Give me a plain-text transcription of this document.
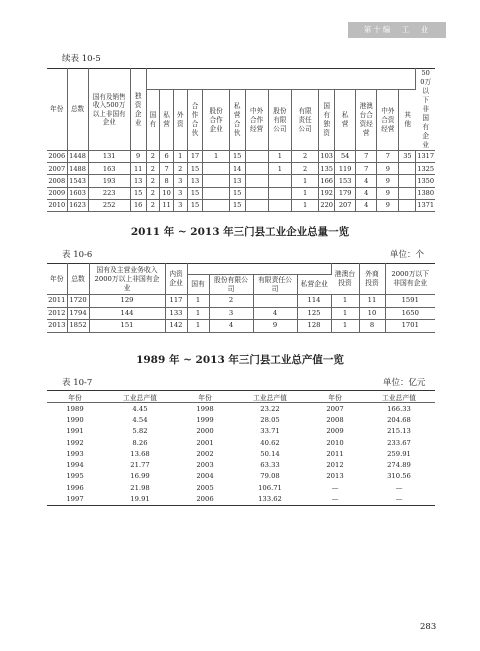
第十编　工　业
续表 10-5
年份	总数	国有及销售收入500万以上非国有企业	独资企业															500万以下非国有企业

				国有	私营	外资	合作合伙	股份合作企业	私营合伙	中外合作经营	股份有限公司	有限责任公司	国有独资	私营	港澳台合资经营	中外合资经营	其他	

2006	1448	131	9	2	6	1	17	1	15		1	2	103	54	7	7	35	1317
2007	1488	163	11	2	7	2	15		14		1	2	135	119	7	9		1325
2008	1543	193	13	2	8	3	13		13			1	166	153	4	9		1350
2009	1603	223	15	2	10	3	15		15			1	192	179	4	9		1380
2010	1623	252	16	2	11	3	15		15			1	220	207	4	9		1371
2011 年 ~ 2013 年三门县工业企业总量一览
表 10-6	单位：个
年份	总数	国有及主营业务收入2000万以上非国有企业	内资企业					港澳台投资	外商投资	2000万以下非国有企业
				国有	股份有限公司	有限责任公司	私营企业			
2011	1720	129	117	1	2		114	1	11	1591
2012	1794	144	133	1	3	4	125	1	10	1650
2013	1852	151	142	1	4	9	128	1	8	1701
1989 年 ~ 2013 年三门县工业总产值一览
表 10-7	单位：亿元
年份	工业总产值	年份	工业总产值	年份	工业总产值
1989	4.45	1998	23.22	2007	166.33
1990	4.54	1999	28.05	2008	204.68
1991	5.82	2000	33.71	2009	215.13
1992	8.26	2001	40.62	2010	233.67
1993	13.68	2002	50.14	2011	259.91
1994	21.77	2003	63.33	2012	274.89
1995	16.99	2004	79.08	2013	310.56
1996	21.98	2005	106.71	—	—
1997	19.91	2006	133.62	—	—
283
